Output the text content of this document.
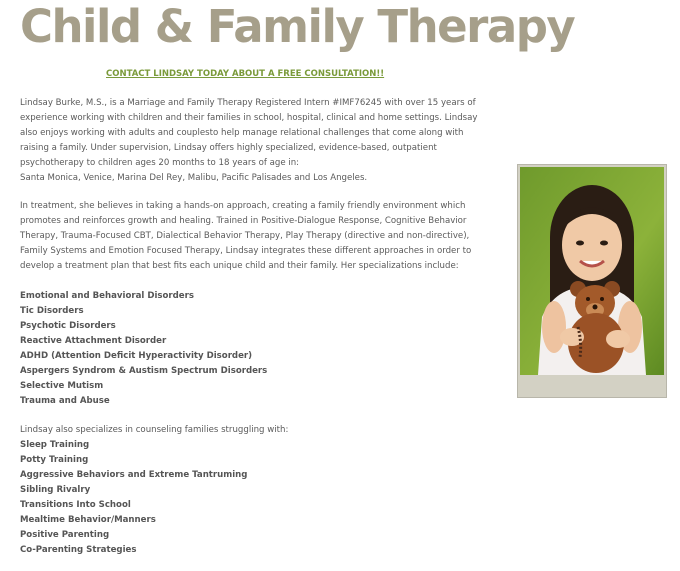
Child & Family Therapy
CONTACT LINDSAY TODAY ABOUT A FREE CONSULTATION!!

Lindsay Burke, M.S., is a Marriage and Family Therapy Registered Intern #IMF76245 with over 15 years of

experience working with children and their families in school, hospital, clinical and home settings. Lindsay

also enjoys working with adults and couplesto help manage relational challenges that come along with

raising a family. Under supervision, Lindsay offers highly specialized, evidence-based, outpatient

psychotherapy to children ages 20 months to 18 years of age in:

Santa Monica, Venice, Marina Del Rey, Malibu, Pacific Palisades and Los Angeles.

In treatment, she believes in taking a hands-on approach, creating a family friendly environment which

promotes and reinforces growth and healing. Trained in Positive-Dialogue Response, Cognitive Behavior

Therapy, Trauma-Focused CBT, Dialectical Behavior Therapy, Play Therapy (directive and non-directive),

Family Systems and Emotion Focused Therapy, Lindsay integrates these different approaches in order to

develop a treatment plan that best fits each unique child and their family. Her specializations include:

Emotional and Behavioral Disorders

Tic Disorders

Psychotic Disorders

Reactive Attachment Disorder

ADHD (Attention Deficit Hyperactivity Disorder)

Aspergers Syndrom & Austism Spectrum Disorders

Selective Mutism

Trauma and Abuse

Lindsay also specializes in counseling families struggling with:

Sleep Training

Potty Training

Aggressive Behaviors and Extreme Tantruming

Sibling Rivalry

Transitions Into School

Mealtime Behavior/Manners

Positive Parenting

Co-Parenting Strategies
